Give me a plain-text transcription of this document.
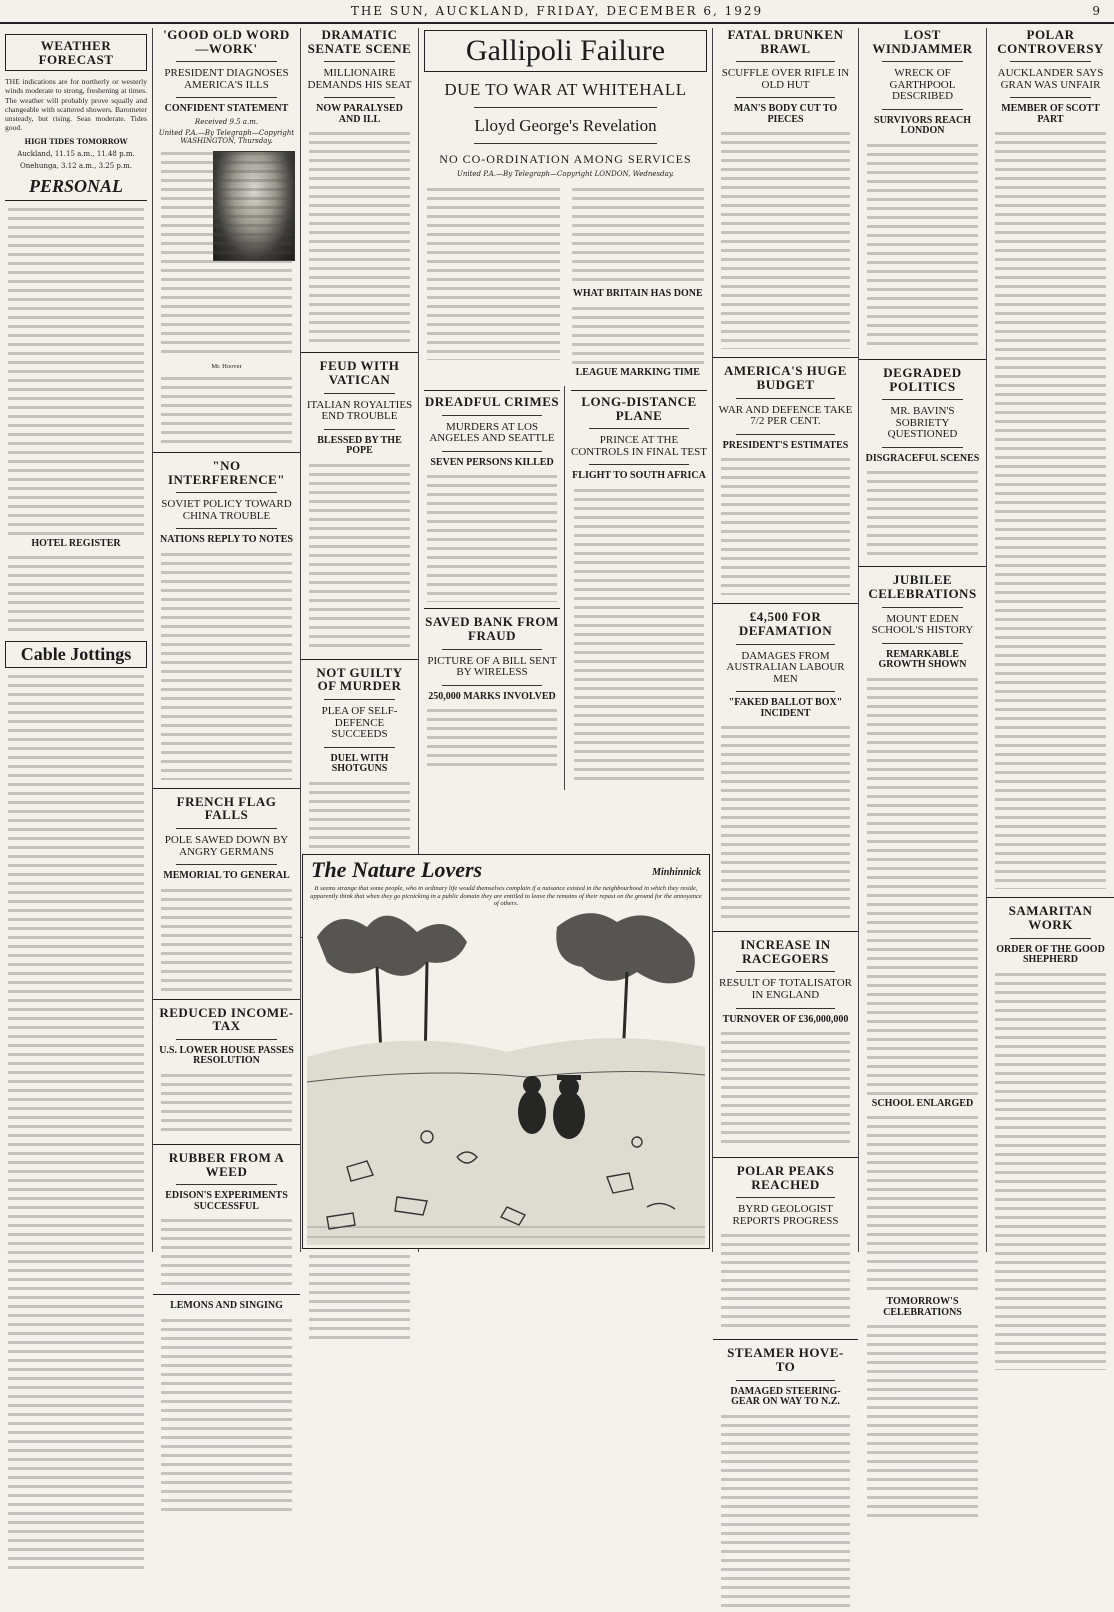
THE SUN, AUCKLAND, FRIDAY, DECEMBER 6, 1929	9
WEATHER FORECAST
THE indications are for northerly or westerly winds moderate to strong, freshening at times. The weather will probably prove squally and changeable with scattered showers. Barometer unsteady, but rising. Seas moderate. Tides good.
HIGH TIDES TOMORROW
Auckland, 11.15 a.m., 11.48 p.m.
Onehunga, 3.12 a.m., 3.25 p.m.
PERSONAL
HOTEL REGISTER
Cable Jottings
'GOOD OLD WORD—WORK'
PRESIDENT DIAGNOSES AMERICA'S ILLS
CONFIDENT STATEMENT
Received 9.5 a.m.
United P.A.—By Telegraph—Copyright WASHINGTON, Thursday.
Mr. Hoover
"NO INTERFERENCE"
SOVIET POLICY TOWARD CHINA TROUBLE
NATIONS REPLY TO NOTES
FRENCH FLAG FALLS
POLE SAWED DOWN BY ANGRY GERMANS
MEMORIAL TO GENERAL
REDUCED INCOME-TAX
U.S. LOWER HOUSE PASSES RESOLUTION
RUBBER FROM A WEED
EDISON'S EXPERIMENTS SUCCESSFUL
LEMONS AND SINGING
DRAMATIC SENATE SCENE
MILLIONAIRE DEMANDS HIS SEAT
NOW PARALYSED AND ILL
FEUD WITH VATICAN
ITALIAN ROYALTIES END TROUBLE
BLESSED BY THE POPE
NOT GUILTY OF MURDER
PLEA OF SELF-DEFENCE SUCCEEDS
DUEL WITH SHOTGUNS
Gallipoli Failure
DUE TO WAR AT WHITEHALL
Lloyd George's Revelation
NO CO-ORDINATION AMONG SERVICES
United P.A.—By Telegraph—Copyright LONDON, Wednesday.
WHAT BRITAIN HAS DONE
LEAGUE MARKING TIME
DREADFUL CRIMES
MURDERS AT LOS ANGELES AND SEATTLE
SEVEN PERSONS KILLED
SAVED BANK FROM FRAUD
PICTURE OF A BILL SENT BY WIRELESS
250,000 MARKS INVOLVED
LONG-DISTANCE PLANE
PRINCE AT THE CONTROLS IN FINAL TEST
FLIGHT TO SOUTH AFRICA
The Nature Lovers	Minhinnick
It seems strange that some people, who in ordinary life would themselves complain if a nuisance existed in the neighbourhood in which they reside, apparently think that when they go picnicking in a public domain they are entitled to leave the remains of their repast on the ground for the annoyance of others.
FATAL DRUNKEN BRAWL
SCUFFLE OVER RIFLE IN OLD HUT
MAN'S BODY CUT TO PIECES
AMERICA'S HUGE BUDGET
WAR AND DEFENCE TAKE 7/2 PER CENT.
PRESIDENT'S ESTIMATES
£4,500 FOR DEFAMATION
DAMAGES FROM AUSTRALIAN LABOUR MEN
"FAKED BALLOT BOX" INCIDENT
INCREASE IN RACEGOERS
RESULT OF TOTALISATOR IN ENGLAND
TURNOVER OF £36,000,000
POLAR PEAKS REACHED
BYRD GEOLOGIST REPORTS PROGRESS
STEAMER HOVE-TO
DAMAGED STEERING-GEAR ON WAY TO N.Z.
LOST WINDJAMMER
WRECK OF GARTHPOOL DESCRIBED
SURVIVORS REACH LONDON
DEGRADED POLITICS
MR. BAVIN'S SOBRIETY QUESTIONED
DISGRACEFUL SCENES
JUBILEE CELEBRATIONS
MOUNT EDEN SCHOOL'S HISTORY
REMARKABLE GROWTH SHOWN
SCHOOL ENLARGED
TOMORROW'S CELEBRATIONS
POLAR CONTROVERSY
AUCKLANDER SAYS GRAN WAS UNFAIR
MEMBER OF SCOTT PART
SAMARITAN WORK
ORDER OF THE GOOD SHEPHERD
